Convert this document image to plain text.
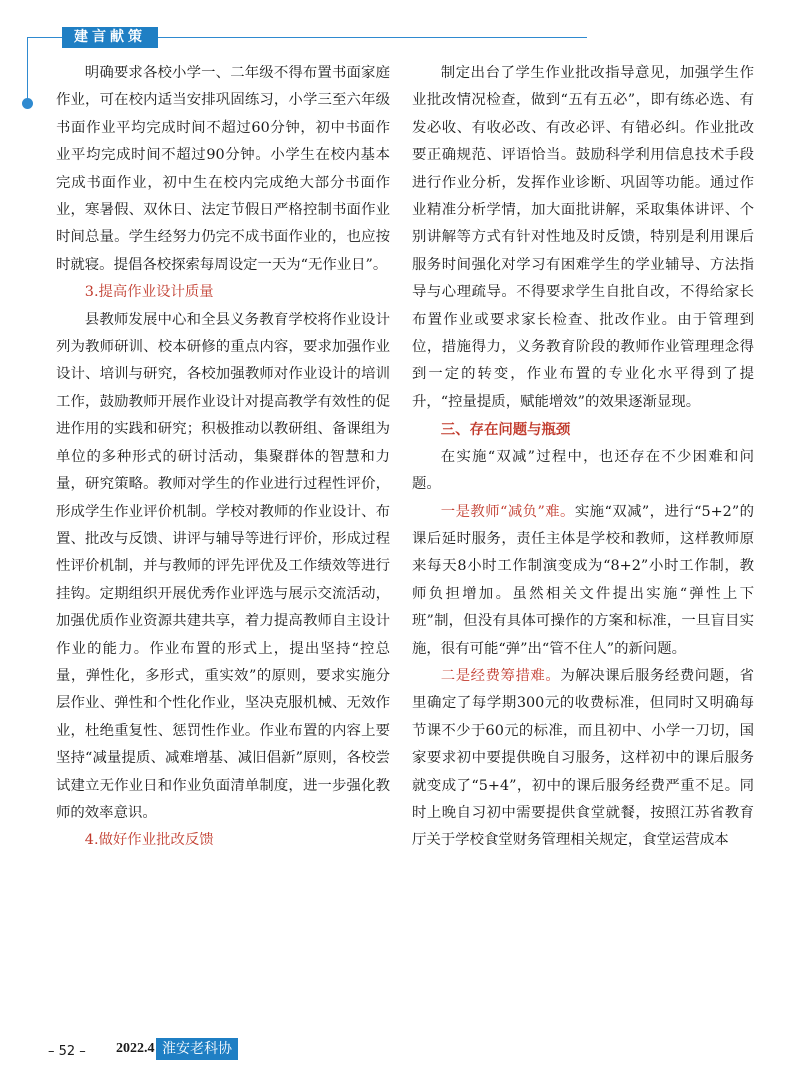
建言献策

明确要求各校小学一、二年级不得布置书面家庭作业，可在校内适当安排巩固练习，小学三至六年级书面作业平均完成时间不超过60分钟，初中书面作业平均完成时间不超过90分钟。小学生在校内基本完成书面作业，初中生在校内完成绝大部分书面作业，寒暑假、双休日、法定节假日严格控制书面作业时间总量。学生经努力仍完不成书面作业的，也应按时就寝。提倡各校探索每周设定一天为“无作业日”。

3.提高作业设计质量

县教师发展中心和全县义务教育学校将作业设计列为教师研训、校本研修的重点内容，要求加强作业设计、培训与研究，各校加强教师对作业设计的培训工作，鼓励教师开展作业设计对提高教学有效性的促进作用的实践和研究；积极推动以教研组、备课组为单位的多种形式的研讨活动，集聚群体的智慧和力量，研究策略。教师对学生的作业进行过程性评价，形成学生作业评价机制。学校对教师的作业设计、布置、批改与反馈、讲评与辅导等进行评价，形成过程性评价机制，并与教师的评先评优及工作绩效等进行挂钩。定期组织开展优秀作业评选与展示交流活动，加强优质作业资源共建共享，着力提高教师自主设计作业的能力。作业布置的形式上，提出坚持“控总量，弹性化，多形式，重实效”的原则，要求实施分层作业、弹性和个性化作业，坚决克服机械、无效作业，杜绝重复性、惩罚性作业。作业布置的内容上要坚持“减量提质、减难增基、减旧倡新”原则，各校尝试建立无作业日和作业负面清单制度，进一步强化教师的效率意识。

4.做好作业批改反馈

制定出台了学生作业批改指导意见，加强学生作业批改情况检查，做到“五有五必”，即有练必选、有发必收、有收必改、有改必评、有错必纠。作业批改要正确规范、评语恰当。鼓励科学利用信息技术手段进行作业分析，发挥作业诊断、巩固等功能。通过作业精准分析学情，加大面批讲解，采取集体讲评、个别讲解等方式有针对性地及时反馈，特别是利用课后服务时间强化对学习有困难学生的学业辅导、方法指导与心理疏导。不得要求学生自批自改，不得给家长布置作业或要求家长检查、批改作业。由于管理到位，措施得力，义务教育阶段的教师作业管理理念得到一定的转变，作业布置的专业化水平得到了提升，“控量提质，赋能增效”的效果逐渐显现。

三、存在问题与瓶颈

在实施“双减”过程中，也还存在不少困难和问题。

一是教师“减负”难。实施“双减”，进行“5+2”的课后延时服务，责任主体是学校和教师，这样教师原来每天8小时工作制演变成为“8+2”小时工作制，教师负担增加。虽然相关文件提出实施“弹性上下班”制，但没有具体可操作的方案和标准，一旦盲目实施，很有可能“弹”出“管不住人”的新问题。

二是经费筹措难。为解决课后服务经费问题，省里确定了每学期300元的收费标准，但同时又明确每节课不少于60元的标准，而且初中、小学一刀切，国家要求初中要提供晚自习服务，这样初中的课后服务就变成了“5+4”，初中的课后服务经费严重不足。同时上晚自习初中需要提供食堂就餐，按照江苏省教育厅关于学校食堂财务管理相关规定，食堂运营成本

– 52 – 2022.4 淮安老科协
